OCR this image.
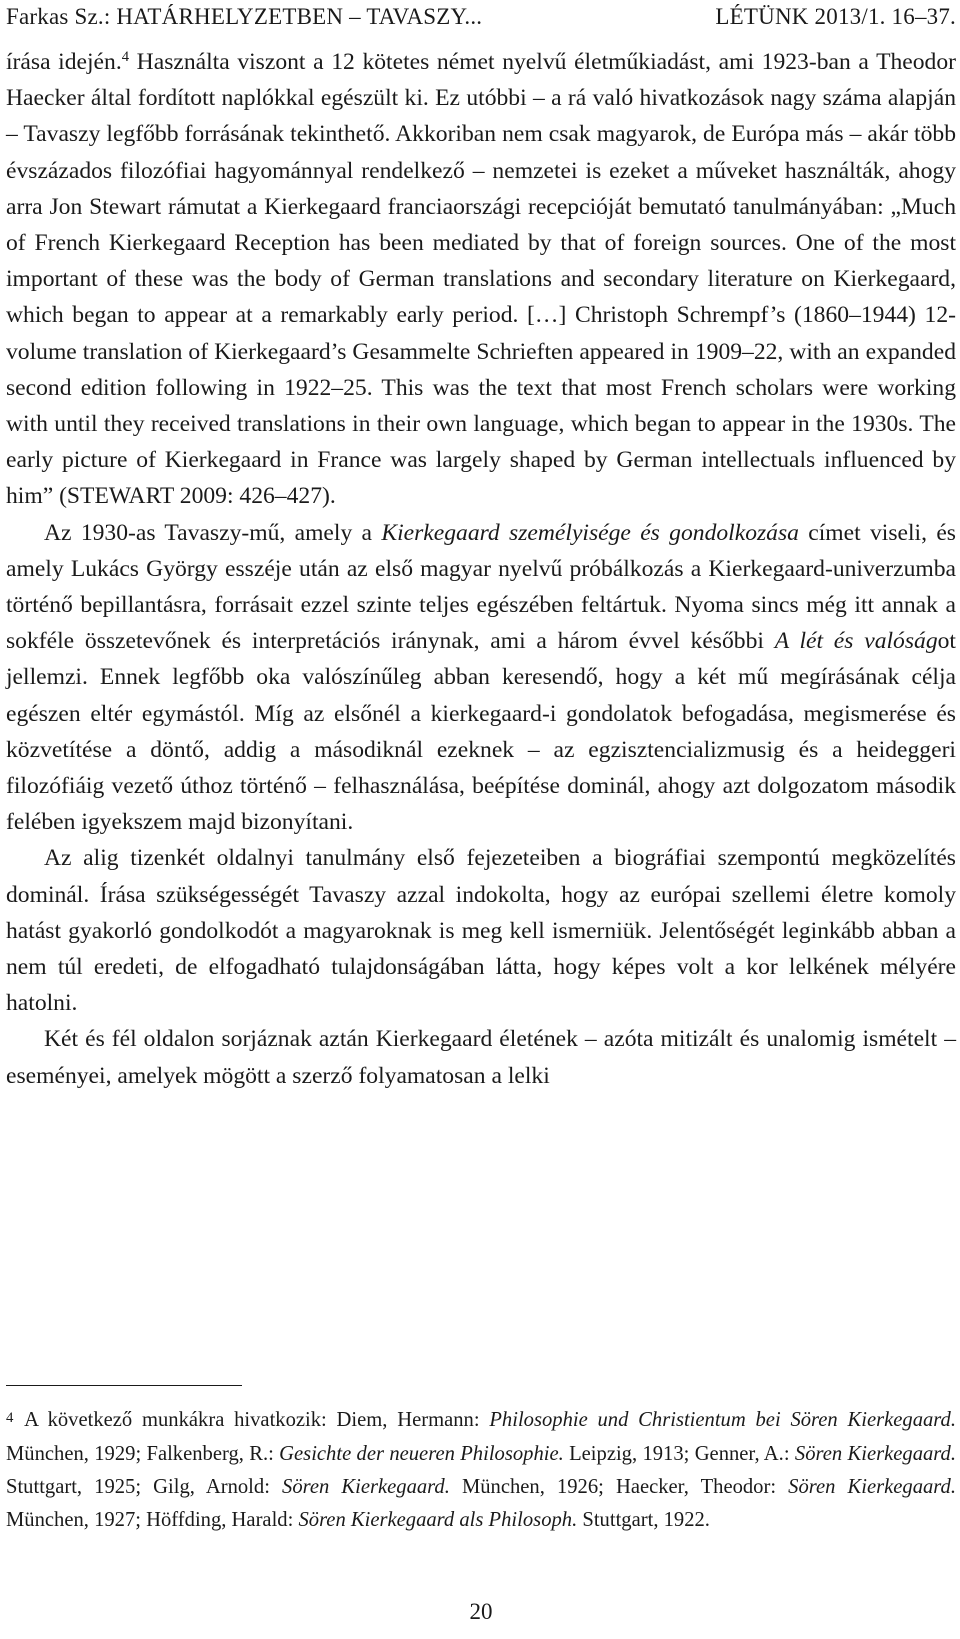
Farkas Sz.: HATÁRHELYZETBEN – TAVASZY...	LÉTÜNK 2013/1. 16–37.

írása idején.$^4$ Használta viszont a 12 kötetes német nyelvű életműkiadást, ami 1923-ban a Theodor Haecker által fordított naplókkal egészült ki. Ez utóbbi – a rá való hivatkozások nagy száma alapján – Tavaszy legfőbb forrásának tekinthető. Akkoriban nem csak magyarok, de Európa más – akár több évszázados filozófiai hagyománnyal rendelkező – nemzetei is ezeket a műveket használták, ahogy arra Jon Stewart rámutat a Kierkegaard franciaországi recepcióját bemutató tanulmányában: „Much of French Kierkegaard Reception has been mediated by that of foreign sources. One of the most important of these was the body of German translations and secondary literature on Kierkegaard, which began to appear at a remarkably early period. […] Christoph Schrempf’s (1860–1944) 12-volume translation of Kierkegaard’s Gesammelte Schrieften appeared in 1909–22, with an expanded second edition following in 1922–25. This was the text that most French scholars were working with until they received translations in their own language, which began to appear in the 1930s. The early picture of Kierkegaard in France was largely shaped by German intellectuals influenced by him” (STEWART 2009: 426–427).

Az 1930-as Tavaszy-mű, amely a Kierkegaard személyisége és gondolkozása címet viseli, és amely Lukács György esszéje után az első magyar nyelvű próbálkozás a Kierkegaard-univerzumba történő bepillantásra, forrásait ezzel szinte teljes egészében feltártuk. Nyoma sincs még itt annak a sokféle összetevőnek és interpretációs iránynak, ami a három évvel későbbi A lét és valóságot jellemzi. Ennek legfőbb oka valószínűleg abban keresendő, hogy a két mű megírásának célja egészen eltér egymástól. Míg az elsőnél a kierkegaard-i gondolatok befogadása, megismerése és közvetítése a döntő, addig a másodiknál ezeknek – az egzisztencializmusig és a heideggeri filozófiáig vezető úthoz történő – felhasználása, beépítése dominál, ahogy azt dolgozatom második felében igyekszem majd bizonyítani.

Az alig tizenkét oldalnyi tanulmány első fejezeteiben a biográfiai szempontú megközelítés dominál. Írása szükségességét Tavaszy azzal indokolta, hogy az európai szellemi életre komoly hatást gyakorló gondolkodót a magyaroknak is meg kell ismerniük. Jelentőségét leginkább abban a nem túl eredeti, de elfogadható tulajdonságában látta, hogy képes volt a kor lelkének mélyére hatolni.

Két és fél oldalon sorjáznak aztán Kierkegaard életének – azóta mitizált és unalomig ismételt – eseményei, amelyek mögött a szerző folyamatosan a lelki

$^4$ A következő munkákra hivatkozik: Diem, Hermann: Philosophie und Christientum bei Sören Kierkegaard. München, 1929; Falkenberg, R.: Gesichte der neueren Philosophie. Leipzig, 1913; Genner, A.: Sören Kierkegaard. Stuttgart, 1925; Gilg, Arnold: Sören Kierkegaard. München, 1926; Haecker, Theodor: Sören Kierkegaard. München, 1927; Höffding, Harald: Sören Kierkegaard als Philosoph. Stuttgart, 1922.

20
